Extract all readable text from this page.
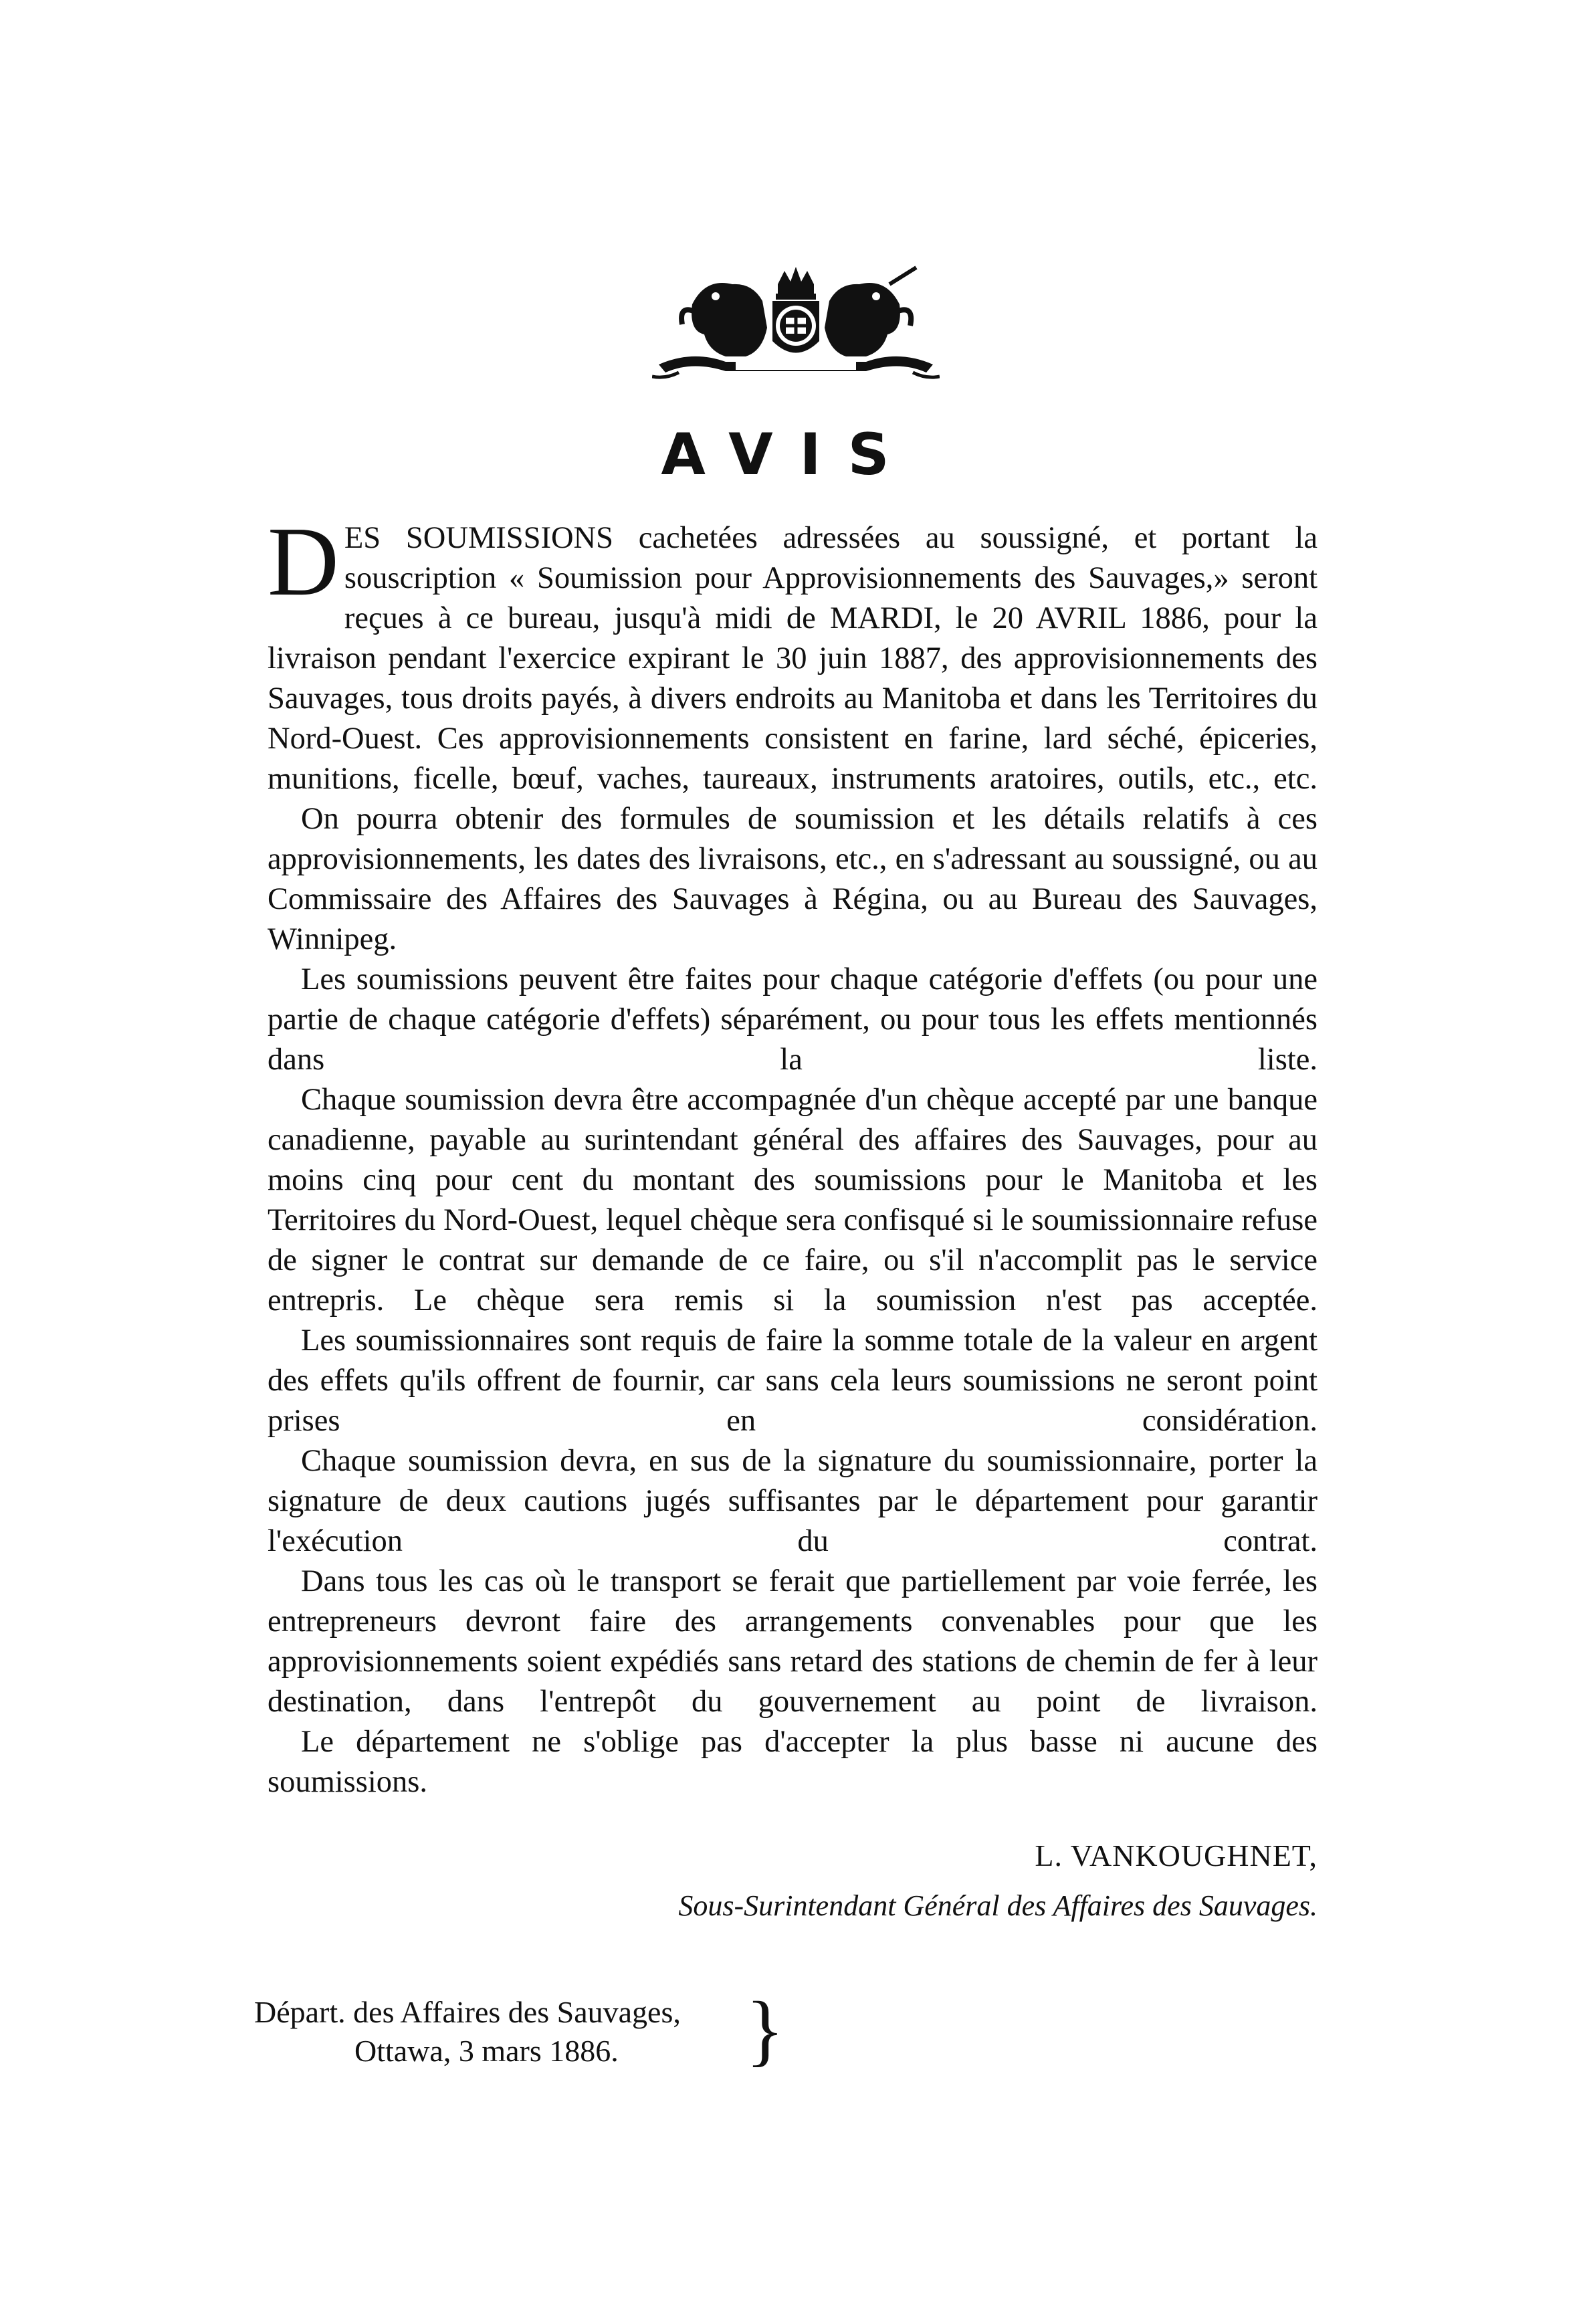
AVIS
D ES SOUMISSIONS cachetées adressées au soussigné, et portant la souscription « Soumission pour Approvisionnements des Sauvages,» seront reçues à ce bureau, jusqu'à midi de MARDI, le 20 AVRIL 1886, pour la livraison pendant l'exercice expirant le 30 juin 1887, des approvisionnements des Sauvages, tous droits payés, à divers endroits au Manitoba et dans les Territoires du Nord-Ouest. Ces approvisionnements consistent en farine, lard séché, épiceries, munitions, ficelle, bœuf, vaches, taureaux, instruments aratoires, outils, etc., etc.
On pourra obtenir des formules de soumission et les détails relatifs à ces approvisionnements, les dates des livraisons, etc., en s'adressant au soussigné, ou au Commissaire des Affaires des Sauvages à Régina, ou au Bureau des Sauvages, Winnipeg.
Les soumissions peuvent être faites pour chaque catégorie d'effets (ou pour une partie de chaque catégorie d'effets) séparément, ou pour tous les effets mentionnés dans la liste.
Chaque soumission devra être accompagnée d'un chèque accepté par une banque canadienne, payable au surintendant général des affaires des Sauvages, pour au moins cinq pour cent du montant des soumissions pour le Manitoba et les Territoires du Nord-Ouest, lequel chèque sera confisqué si le soumissionnaire refuse de signer le contrat sur demande de ce faire, ou s'il n'accomplit pas le service entrepris. Le chèque sera remis si la soumission n'est pas acceptée.
Les soumissionnaires sont requis de faire la somme totale de la valeur en argent des effets qu'ils offrent de fournir, car sans cela leurs soumissions ne seront point prises en considération.
Chaque soumission devra, en sus de la signature du soumissionnaire, porter la signature de deux cautions jugés suffisantes par le département pour garantir l'exécution du contrat.
Dans tous les cas où le transport se ferait que partiellement par voie ferrée, les entrepreneurs devront faire des arrangements convenables pour que les approvisionnements soient expédiés sans retard des stations de chemin de fer à leur destination, dans l'entrepôt du gouvernement au point de livraison.
Le département ne s'oblige pas d'accepter la plus basse ni aucune des soumissions.
L. VANKOUGHNET,
Sous-Surintendant Général des Affaires des Sauvages.
Départ. des Affaires des Sauvages,
Ottawa, 3 mars 1886.	}
